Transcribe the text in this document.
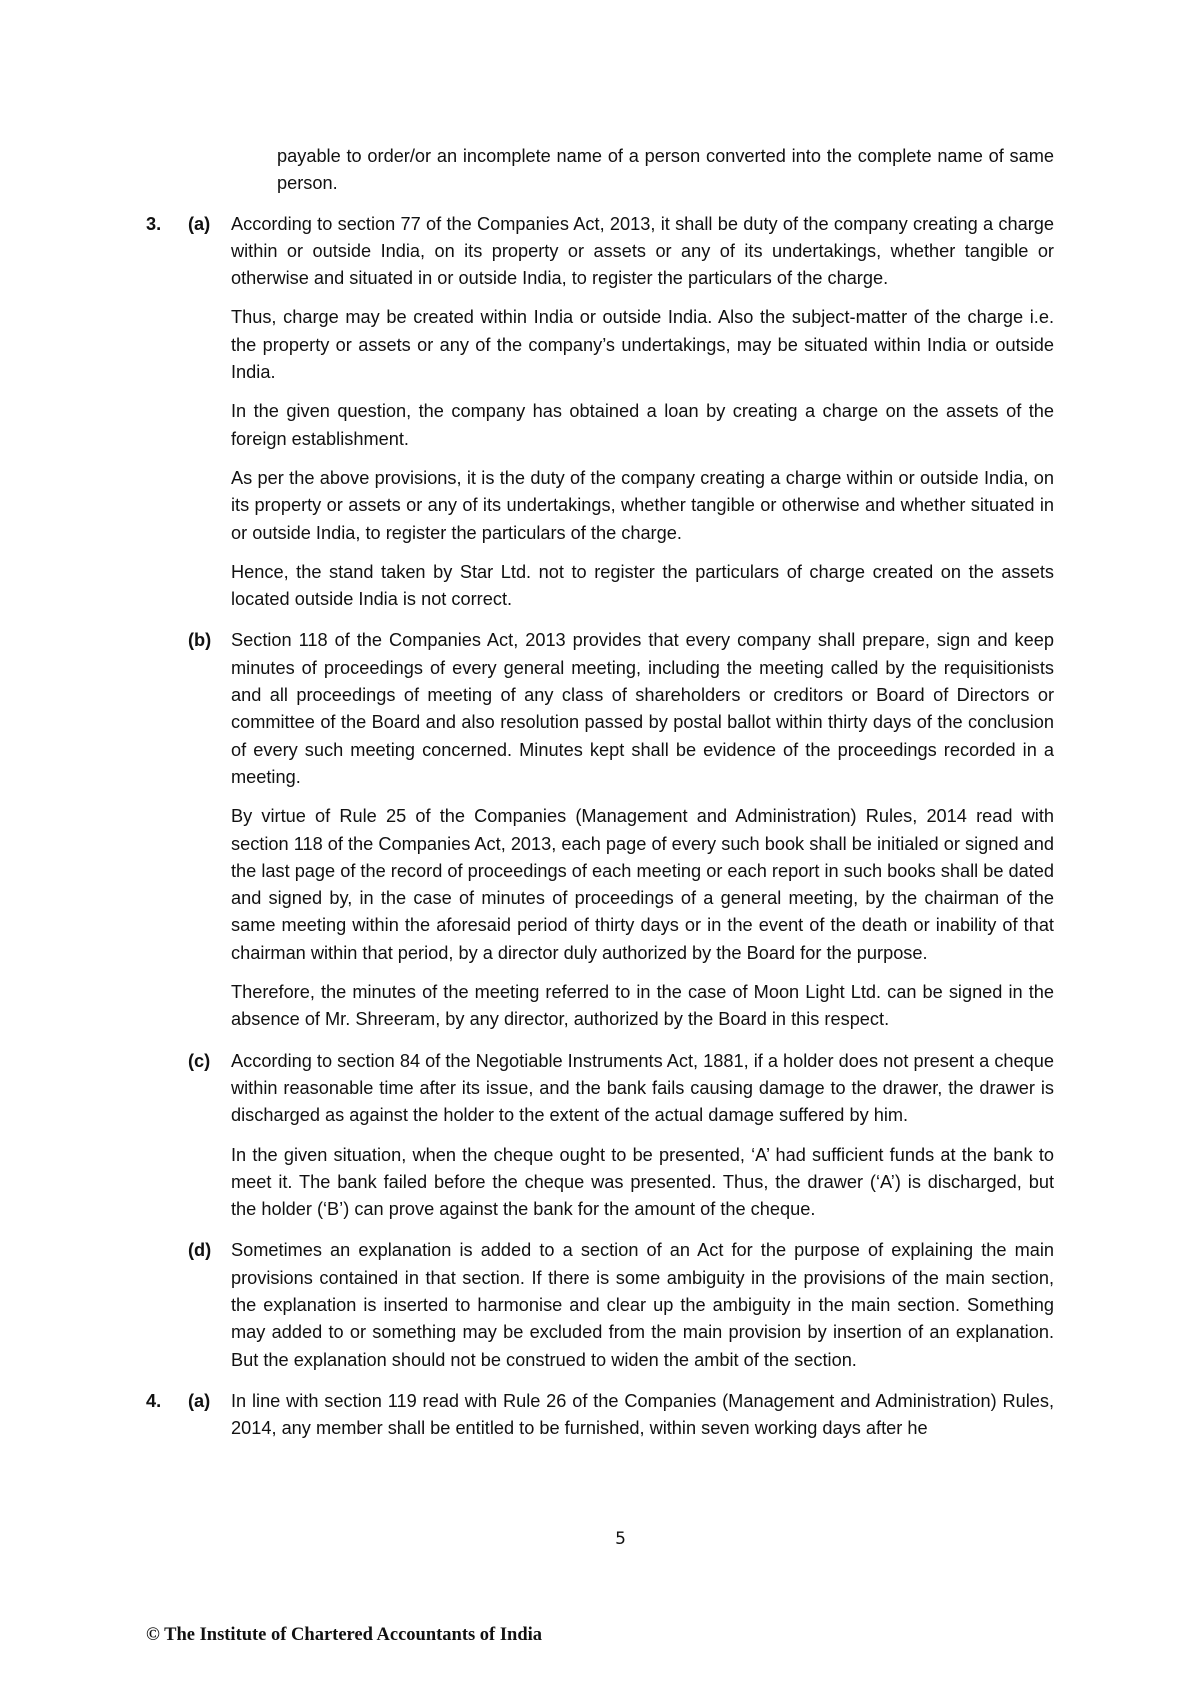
payable to order/or an incomplete name of a person converted into the complete name of same person.

3.	(a)	According to section 77 of the Companies Act, 2013, it shall be duty of the company creating a charge within or outside India, on its property or assets or any of its undertakings, whether tangible or otherwise and situated in or outside India, to register the particulars of the charge.

Thus, charge may be created within India or outside India. Also the subject-matter of the charge i.e. the property or assets or any of the company’s undertakings, may be situated within India or outside India.

In the given question, the company has obtained a loan by creating a charge on the assets of the foreign establishment.

As per the above provisions, it is the duty of the company creating a charge within or outside India, on its property or assets or any of its undertakings, whether tangible or otherwise and whether situated in or outside India, to register the particulars of the charge.

Hence, the stand taken by Star Ltd. not to register the particulars of charge created on the assets located outside India is not correct.

(b)	Section 118 of the Companies Act, 2013 provides that every company shall prepare, sign and keep minutes of proceedings of every general meeting, including the meeting called by the requisitionists and all proceedings of meeting of any class of shareholders or creditors or Board of Directors or committee of the Board and also resolution passed by postal ballot within thirty days of the conclusion of every such meeting concerned. Minutes kept shall be evidence of the proceedings recorded in a meeting.

By virtue of Rule 25 of the Companies (Management and Administration) Rules, 2014 read with section 118 of the Companies Act, 2013, each page of every such book shall be initialed or signed and the last page of the record of proceedings of each meeting or each report in such books shall be dated and signed by, in the case of minutes of proceedings of a general meeting, by the chairman of the same meeting within the aforesaid period of thirty days or in the event of the death or inability of that chairman within that period, by a director duly authorized by the Board for the purpose.

Therefore, the minutes of the meeting referred to in the case of Moon Light Ltd. can be signed in the absence of Mr. Shreeram, by any director, authorized by the Board in this respect.

(c)	According to section 84 of the Negotiable Instruments Act, 1881, if a holder does not present a cheque within reasonable time after its issue, and the bank fails causing damage to the drawer, the drawer is discharged as against the holder to the extent of the actual damage suffered by him.

In the given situation, when the cheque ought to be presented, ‘A’ had sufficient funds at the bank to meet it. The bank failed before the cheque was presented. Thus, the drawer (‘A’) is discharged, but the holder (‘B’) can prove against the bank for the amount of the cheque.

(d)	Sometimes an explanation is added to a section of an Act for the purpose of explaining the main provisions contained in that section. If there is some ambiguity in the provisions of the main section, the explanation is inserted to harmonise and clear up the ambiguity in the main section. Something may added to or something may be excluded from the main provision by insertion of an explanation. But the explanation should not be construed to widen the ambit of the section.

4.	(a)	In line with section 119 read with Rule 26 of the Companies (Management and Administration) Rules, 2014, any member shall be entitled to be furnished, within seven working days after he

5
© The Institute of Chartered Accountants of India
